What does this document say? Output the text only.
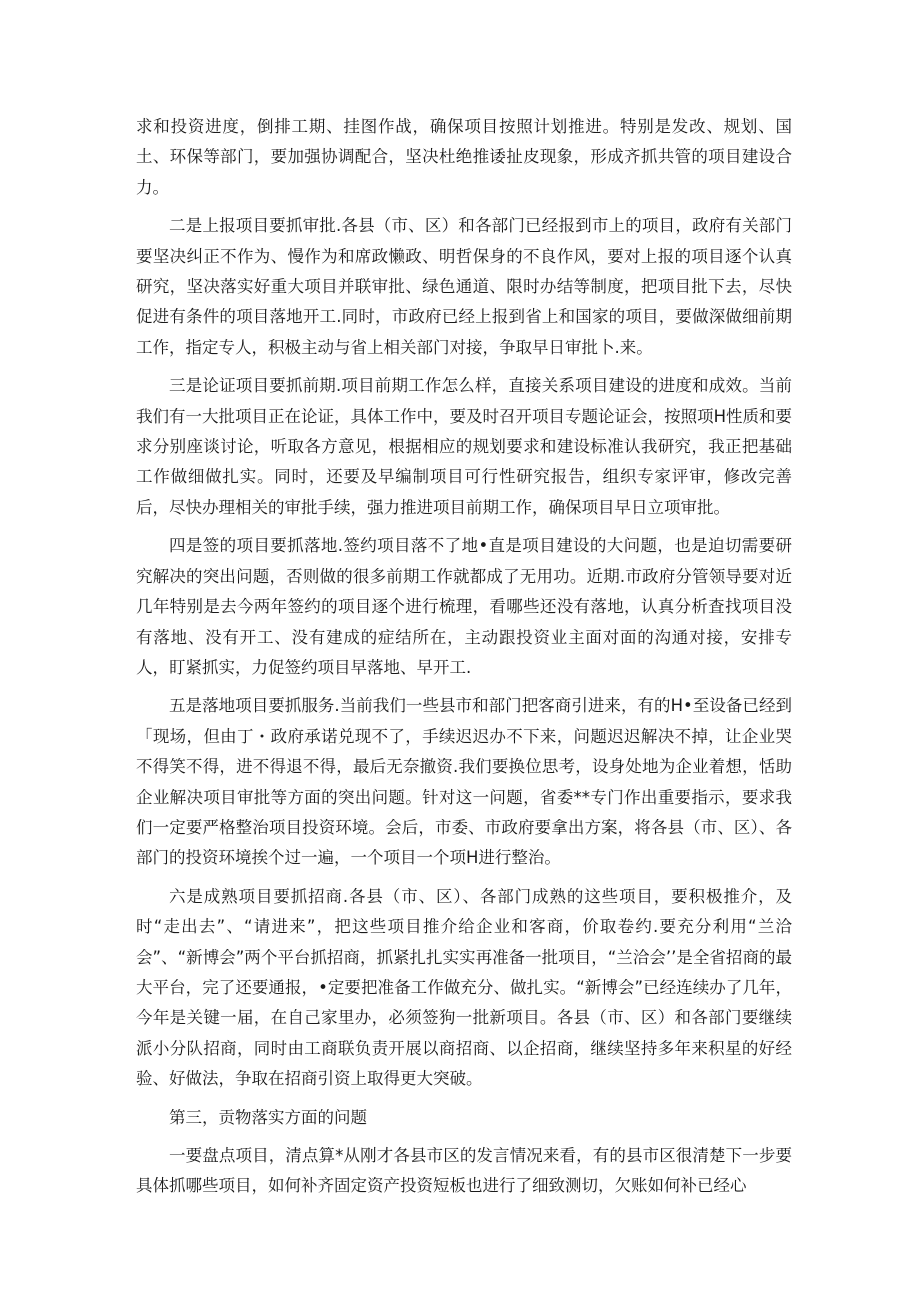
求和投资进度，倒排工期、挂图作战，确保项目按照计划推进。特别是发改、规划、国土、环保等部门，要加强协调配合，坚决杜绝推诿扯皮现象，形成齐抓共管的项目建设合力。

二是上报项目要抓审批.各县（市、区）和各部门已经报到市上的项目，政府有关部门要坚决纠正不作为、慢作为和席政懒政、明哲保身的不良作风，要对上报的项目逐个认真研究，坚决落实好重大项目并联审批、绿色通道、限时办结等制度，把项目批下去，尽快促进有条件的项目落地开工.同时，市政府已经上报到省上和国家的项目，要做深做细前期工作，指定专人，积极主动与省上相关部门对接，争取早日审批卜.来。

三是论证项目要抓前期.项目前期工作怎么样，直接关系项目建设的进度和成效。当前我们有一大批项目正在论证，具体工作中，要及时召开项目专题论证会，按照项H性质和要求分别座谈讨论，听取各方意见，根据相应的规划要求和建设标准认我研究，我正把基础工作做细做扎实。同时，还要及早编制项目可行性研究报告，组织专家评审，修改完善后，尽快办理相关的审批手续，强力推进项目前期工作，确保项目早日立项审批。

四是签的项目要抓落地.签约项目落不了地•直是项目建设的大问题，也是迫切需要研究解决的突出问题，否则做的很多前期工作就都成了无用功。近期.市政府分管领导要对近几年特别是去今两年签约的项目逐个进行梳理，看哪些还没有落地，认真分析査找项目没有落地、没有开工、没有建成的症结所在，主动跟投资业主面对面的沟通对接，安排专人，盯紧抓实，力促签约项目早落地、早开工.

五是落地项目要抓服务.当前我们一些县市和部门把客商引进来，有的H•至设备已经到「现场，但由丁・政府承诺兑现不了，手续迟迟办不下来，问题迟迟解决不掉，让企业哭不得笑不得，进不得退不得，最后无奈撤资.我们要换位思考，设身处地为企业着想，恬助企业解决项目审批等方面的突出问题。针对这一问题，省委**专门作出重要指示，要求我们一定要严格整治项目投资环境。会后，市委、市政府要拿出方案，将各县（市、区）、各部门的投资环境挨个过一遍，一个项目一个项H进行整治。

六是成熟项目要抓招商.各县（市、区）、各部门成熟的这些项目，要积极推介，及时“走出去”、“请进来”，把这些项目推介给企业和客商，价取卷约.要充分利用“兰洽会”、“新博会”两个平台抓招商，抓紧扎扎实实再准备一批项目，“兰洽会’’是全省招商的最大平台，完了还要通报，•定要把准备工作做充分、做扎实。“新博会”已经连续办了几年，今年是关键一届，在自己家里办，必须签狗一批新项目。各县（市、区）和各部门要继续派小分队招商，同时由工商联负责开展以商招商、以企招商，继续坚持多年来积星的好经验、好做法，争取在招商引资上取得更大突破。

第三，贡物落实方面的问题

一要盘点项目，清点算*从刚才各县市区的发言情况来看，有的县市区很清楚下一步要具体抓哪些项目，如何补齐固定资产投资短板也进行了细致测切，欠账如何补已经心
